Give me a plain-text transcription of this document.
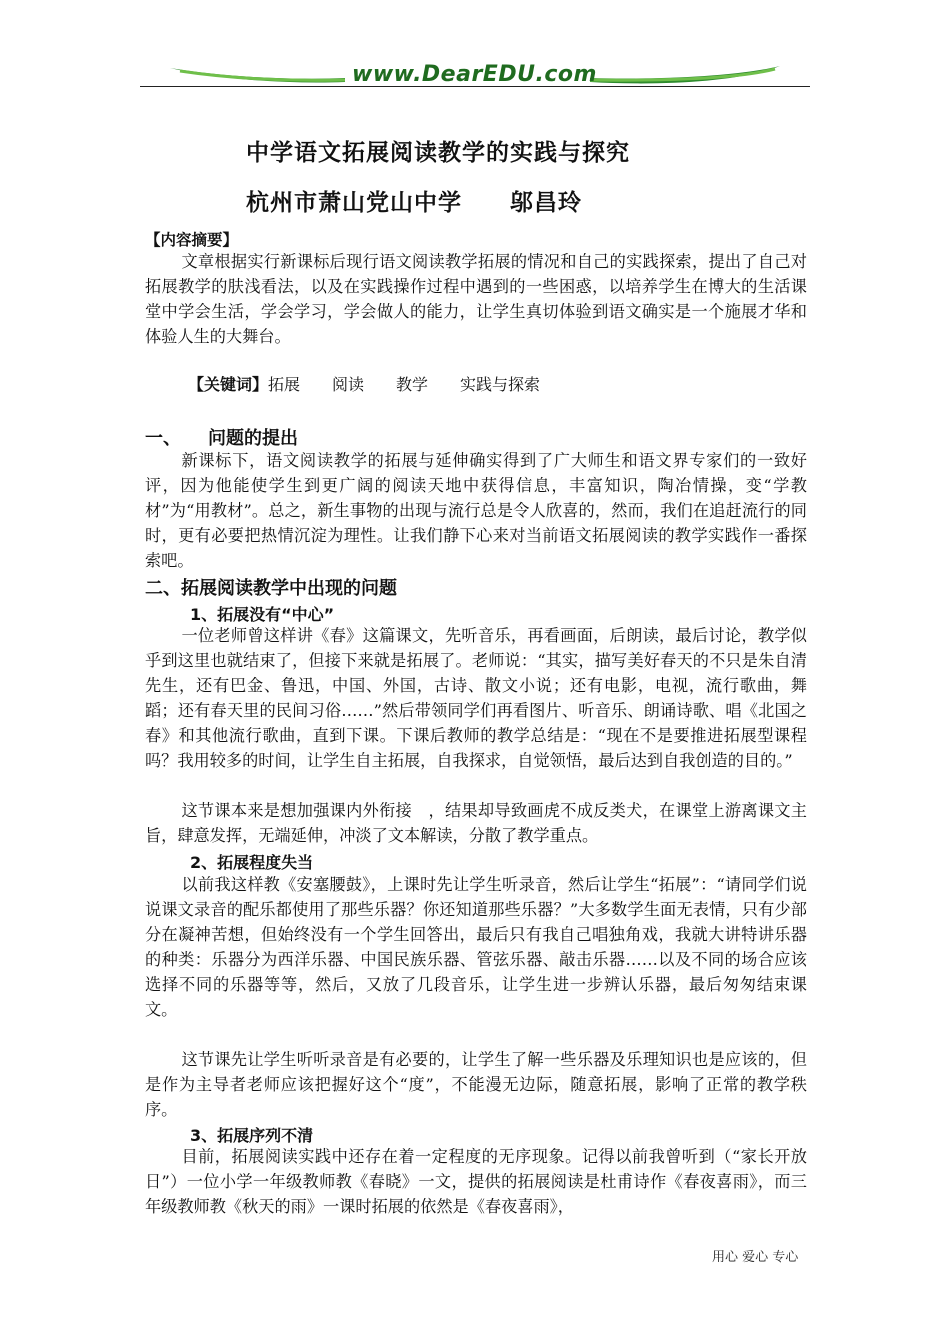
www.DearEDU.com
中学语文拓展阅读教学的实践与探究
杭州市萧山党山中学　　邬昌玲
【内容摘要】

文章根据实行新课标后现行语文阅读教学拓展的情况和自己的实践探索，提出了自己对拓展教学的肤浅看法，以及在实践操作过程中遇到的一些困惑，以培养学生在博大的生活课堂中学会生活，学会学习，学会做人的能力，让学生真切体验到语文确实是一个施展才华和体验人生的大舞台。

【关键词】拓展　　阅读　　教学　　实践与探索
一、　　问题的提出

新课标下，语文阅读教学的拓展与延伸确实得到了广大师生和语文界专家们的一致好评，因为他能使学生到更广阔的阅读天地中获得信息，丰富知识，陶冶情操，变“学教材”为“用教材”。总之，新生事物的出现与流行总是令人欣喜的，然而，我们在追赶流行的同时，更有必要把热情沉淀为理性。让我们静下心来对当前语文拓展阅读的教学实践作一番探索吧。

二、拓展阅读教学中出现的问题
1、拓展没有“中心”

一位老师曾这样讲《春》这篇课文，先听音乐，再看画面，后朗读，最后讨论，教学似乎到这里也就结束了，但接下来就是拓展了。老师说：“其实，描写美好春天的不只是朱自清先生，还有巴金、鲁迅，中国、外国，古诗、散文小说；还有电影，电视，流行歌曲，舞蹈；还有春天里的民间习俗……”然后带领同学们再看图片、听音乐、朗诵诗歌、唱《北国之春》和其他流行歌曲，直到下课。下课后教师的教学总结是：“现在不是要推进拓展型课程吗？我用较多的时间，让学生自主拓展，自我探求，自觉领悟，最后达到自我创造的目的。”

这节课本来是想加强课内外衔接　，结果却导致画虎不成反类犬，在课堂上游离课文主旨，肆意发挥，无端延伸，冲淡了文本解读，分散了教学重点。

2、拓展程度失当

以前我这样教《安塞腰鼓》，上课时先让学生听录音，然后让学生“拓展”：“请同学们说说课文录音的配乐都使用了那些乐器？你还知道那些乐器？”大多数学生面无表情，只有少部分在凝神苦想，但始终没有一个学生回答出，最后只有我自己唱独角戏，我就大讲特讲乐器的种类：乐器分为西洋乐器、中国民族乐器、管弦乐器、敲击乐器……以及不同的场合应该选择不同的乐器等等，然后，又放了几段音乐，让学生进一步辨认乐器，最后匆匆结束课文。

这节课先让学生听听录音是有必要的，让学生了解一些乐器及乐理知识也是应该的，但是作为主导者老师应该把握好这个“度”，不能漫无边际，随意拓展，影响了正常的教学秩序。

3、拓展序列不清

目前，拓展阅读实践中还存在着一定程度的无序现象。记得以前我曾听到（“家长开放日”）一位小学一年级教师教《春晓》一文，提供的拓展阅读是杜甫诗作《春夜喜雨》，而三年级教师教《秋天的雨》一课时拓展的依然是《春夜喜雨》，

用心 爱心 专心
